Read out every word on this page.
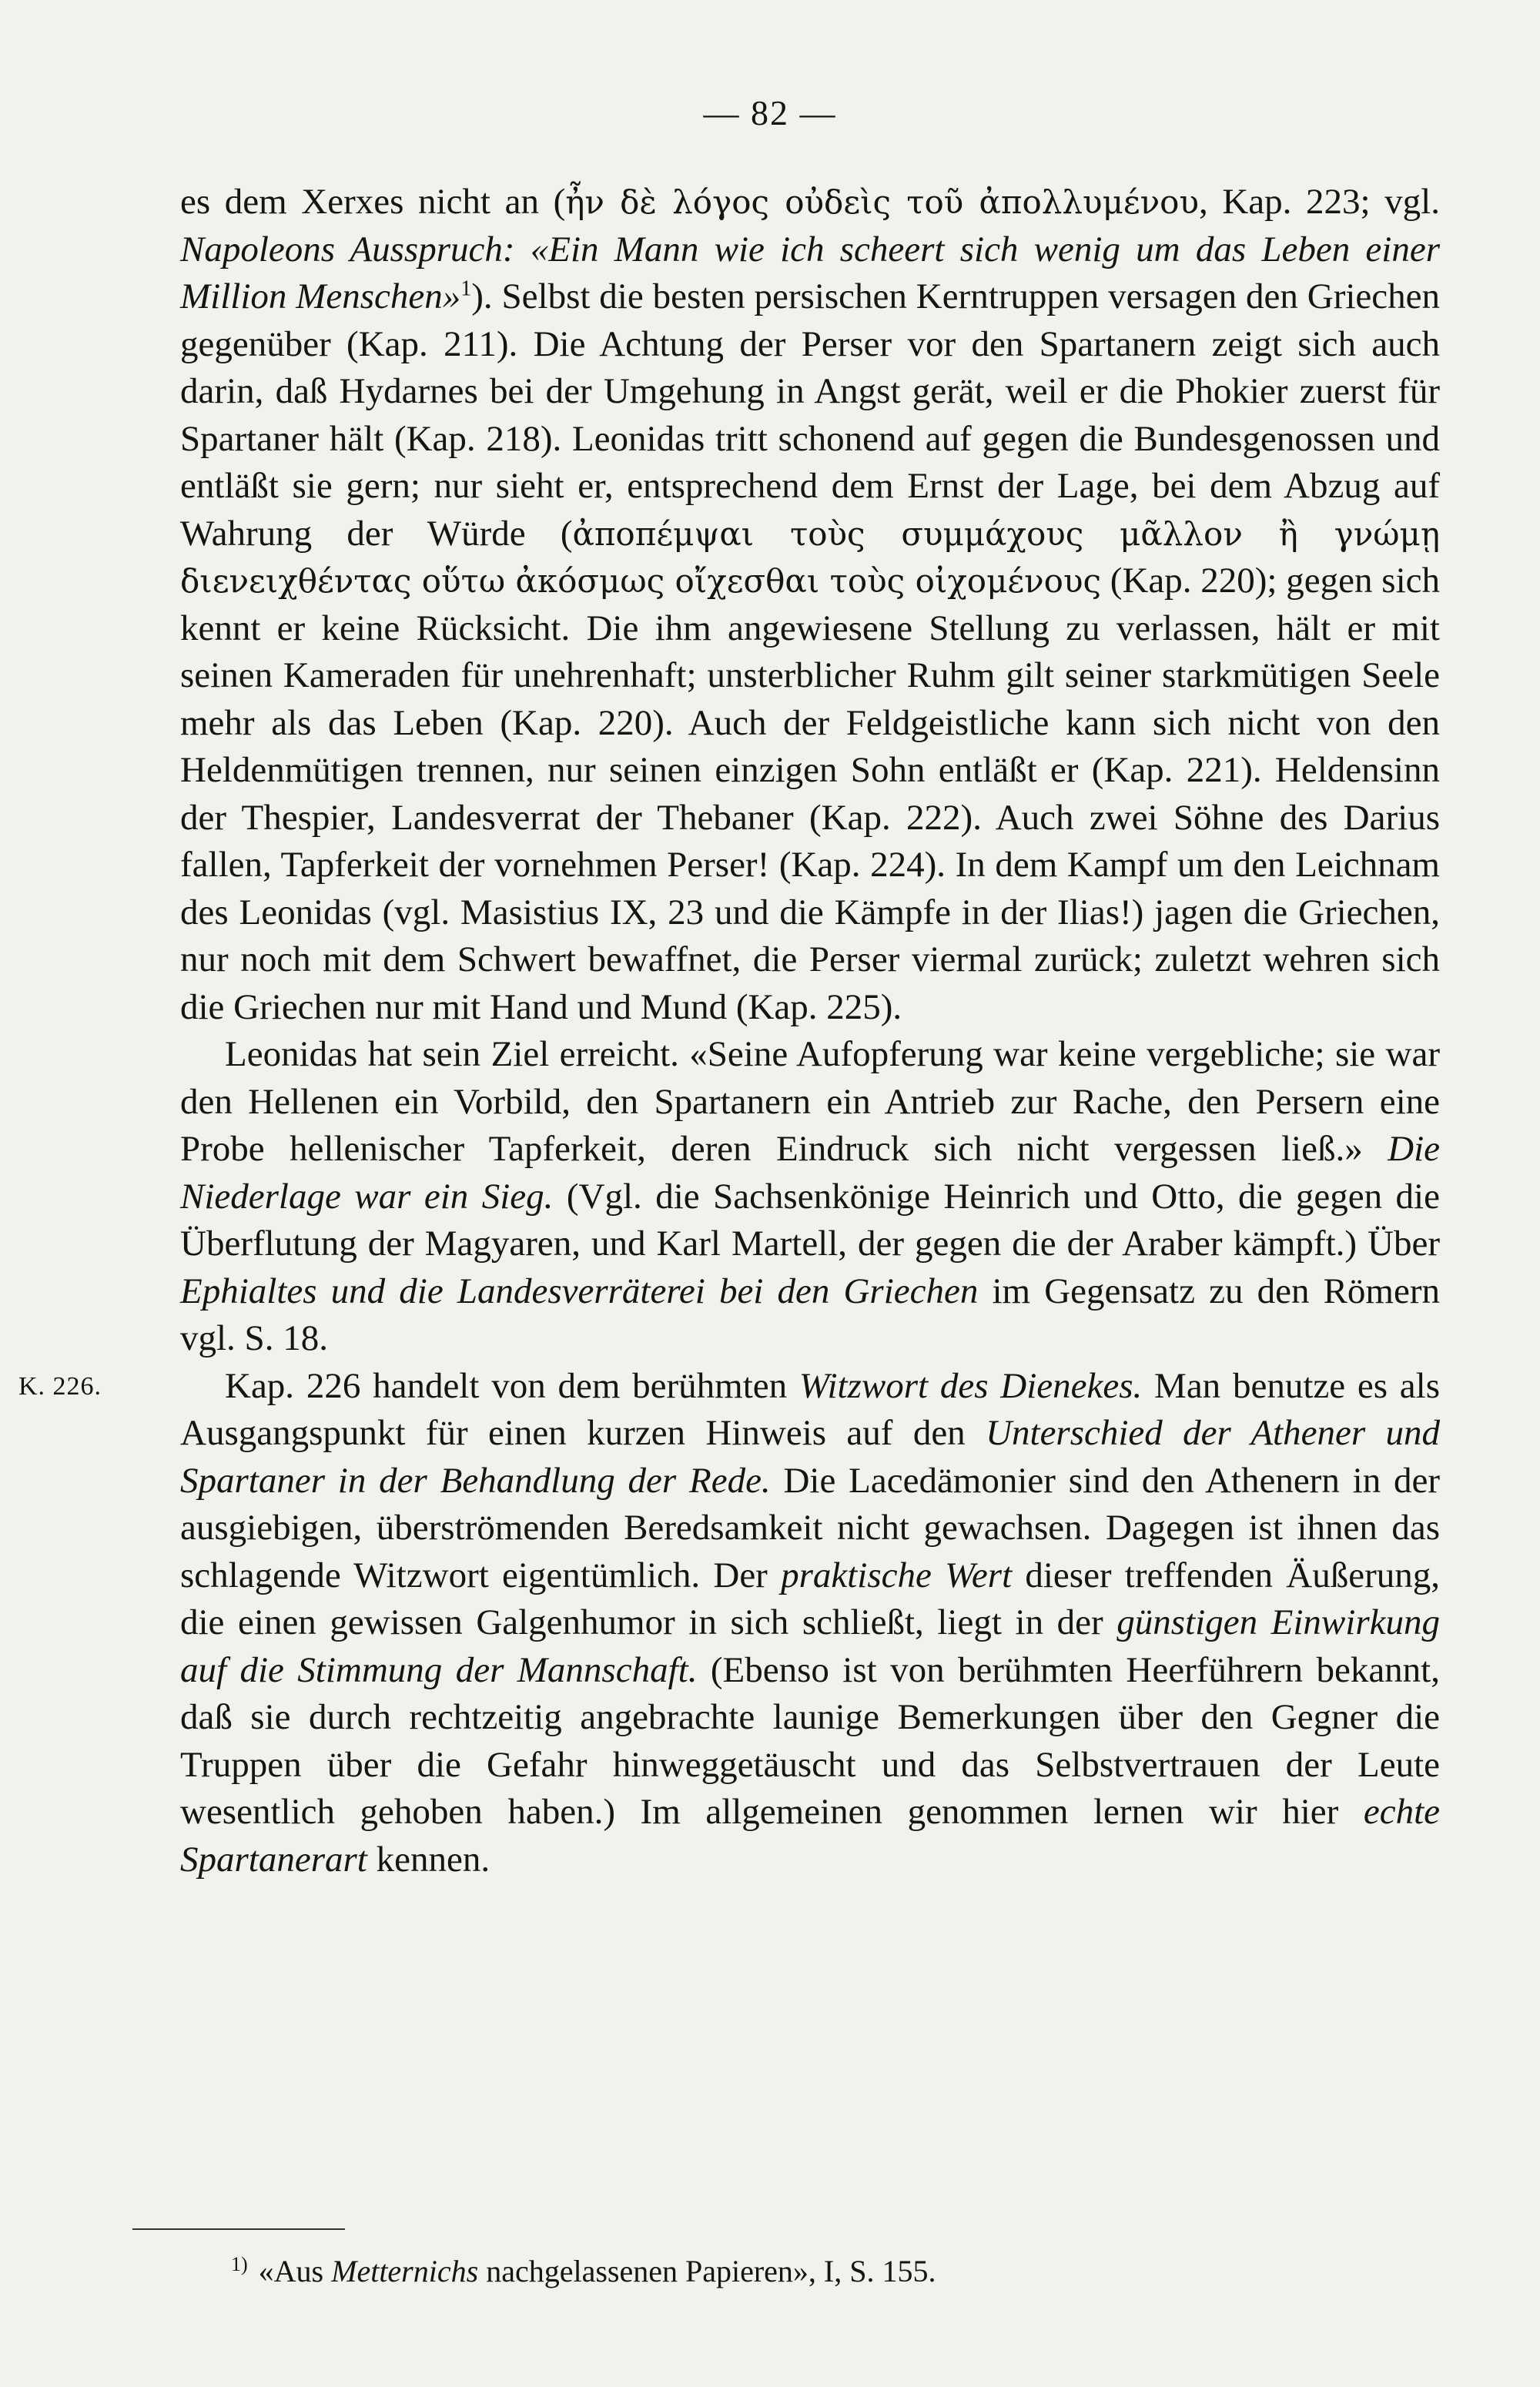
— 82 —

es dem Xerxes nicht an (ἦν δὲ λόγος οὐδεὶς τοῦ ἀπολλυμένου, Kap. 223; vgl. Napoleons Ausspruch: «Ein Mann wie ich scheert sich wenig um das Leben einer Million Menschen»$^1$). Selbst die besten persischen Kerntruppen versagen den Griechen gegenüber (Kap. 211). Die Achtung der Perser vor den Spartanern zeigt sich auch darin, daß Hydarnes bei der Umgehung in Angst gerät, weil er die Phokier zuerst für Spartaner hält (Kap. 218). Leonidas tritt schonend auf gegen die Bundesgenossen und entläßt sie gern; nur sieht er, entsprechend dem Ernst der Lage, bei dem Abzug auf Wahrung der Würde (ἀποπέμψαι τοὺς συμμάχους μᾶλλον ἢ γνώμῃ διενειχθέντας οὕτω ἀκόσμως οἴχεσθαι τοὺς οἰχομένους (Kap. 220); gegen sich kennt er keine Rücksicht. Die ihm angewiesene Stellung zu verlassen, hält er mit seinen Kameraden für unehrenhaft; unsterblicher Ruhm gilt seiner starkmütigen Seele mehr als das Leben (Kap. 220). Auch der Feldgeistliche kann sich nicht von den Heldenmütigen trennen, nur seinen einzigen Sohn entläßt er (Kap. 221). Heldensinn der Thespier, Landesverrat der Thebaner (Kap. 222). Auch zwei Söhne des Darius fallen, Tapferkeit der vornehmen Perser! (Kap. 224). In dem Kampf um den Leichnam des Leonidas (vgl. Masistius IX, 23 und die Kämpfe in der Ilias!) jagen die Griechen, nur noch mit dem Schwert bewaffnet, die Perser viermal zurück; zuletzt wehren sich die Griechen nur mit Hand und Mund (Kap. 225).

Leonidas hat sein Ziel erreicht. «Seine Aufopferung war keine vergebliche; sie war den Hellenen ein Vorbild, den Spartanern ein Antrieb zur Rache, den Persern eine Probe hellenischer Tapferkeit, deren Eindruck sich nicht vergessen ließ.» Die Niederlage war ein Sieg. (Vgl. die Sachsenkönige Heinrich und Otto, die gegen die Überflutung der Magyaren, und Karl Martell, der gegen die der Araber kämpft.) Über Ephialtes und die Landesverräterei bei den Griechen im Gegensatz zu den Römern vgl. S. 18.

K. 226.	Kap. 226 handelt von dem berühmten Witzwort des Dienekes. Man benutze es als Ausgangspunkt für einen kurzen Hinweis auf den Unterschied der Athener und Spartaner in der Behandlung der Rede. Die Lacedämonier sind den Athenern in der ausgiebigen, überströmenden Beredsamkeit nicht gewachsen. Dagegen ist ihnen das schlagende Witzwort eigentümlich. Der praktische Wert dieser treffenden Äußerung, die einen gewissen Galgenhumor in sich schließt, liegt in der günstigen Einwirkung auf die Stimmung der Mannschaft. (Ebenso ist von berühmten Heerführern bekannt, daß sie durch rechtzeitig angebrachte launige Bemerkungen über den Gegner die Truppen über die Gefahr hinweggetäuscht und das Selbstvertrauen der Leute wesentlich gehoben haben.) Im allgemeinen genommen lernen wir hier echte Spartanerart kennen.

$^{1)}$ «Aus Metternichs nachgelassenen Papieren», I, S. 155.
